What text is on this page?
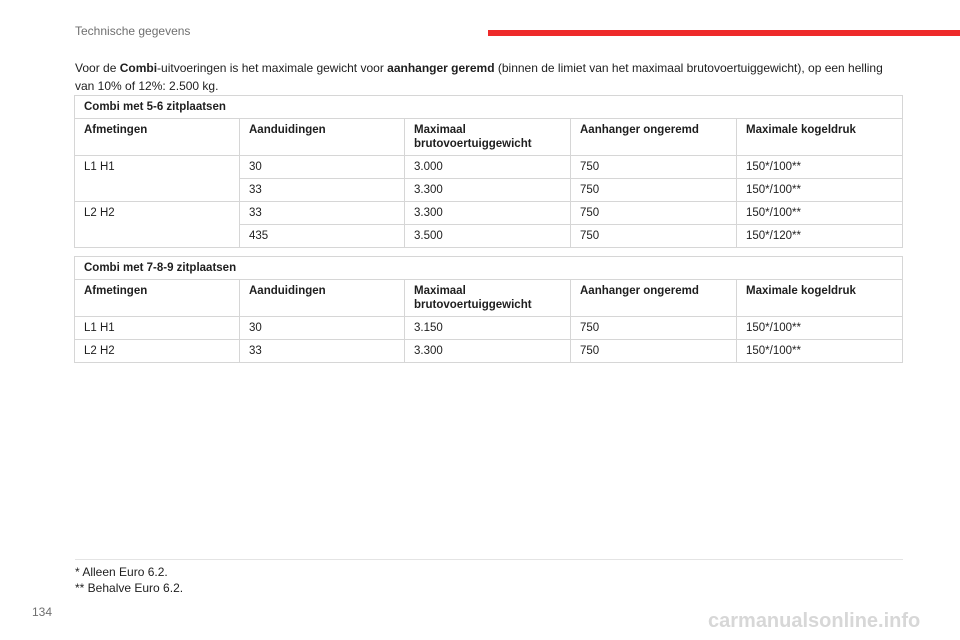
Technische gegevens

Voor de Combi-uitvoeringen is het maximale gewicht voor aanhanger geremd (binnen de limiet van het maximaal brutovoertuiggewicht), op een helling van 10% of 12%: 2.500 kg.

Combi met 5-6 zitplaatsen				
Afmetingen	Aanduidingen	Maximaal brutovoertuiggewicht	Aanhanger ongeremd	Maximale kogeldruk
L1 H1	30	3.000	750	150*/100**
	33	3.300	750	150*/100**
L2 H2	33	3.300	750	150*/100**
	435	3.500	750	150*/120**
Combi met 7-8-9 zitplaatsen				
Afmetingen	Aanduidingen	Maximaal brutovoertuiggewicht	Aanhanger ongeremd	Maximale kogeldruk
L1 H1	30	3.150	750	150*/100**
L2 H2	33	3.300	750	150*/100**
* Alleen Euro 6.2.
** Behalve Euro 6.2.
134	carmanualsonline.info
